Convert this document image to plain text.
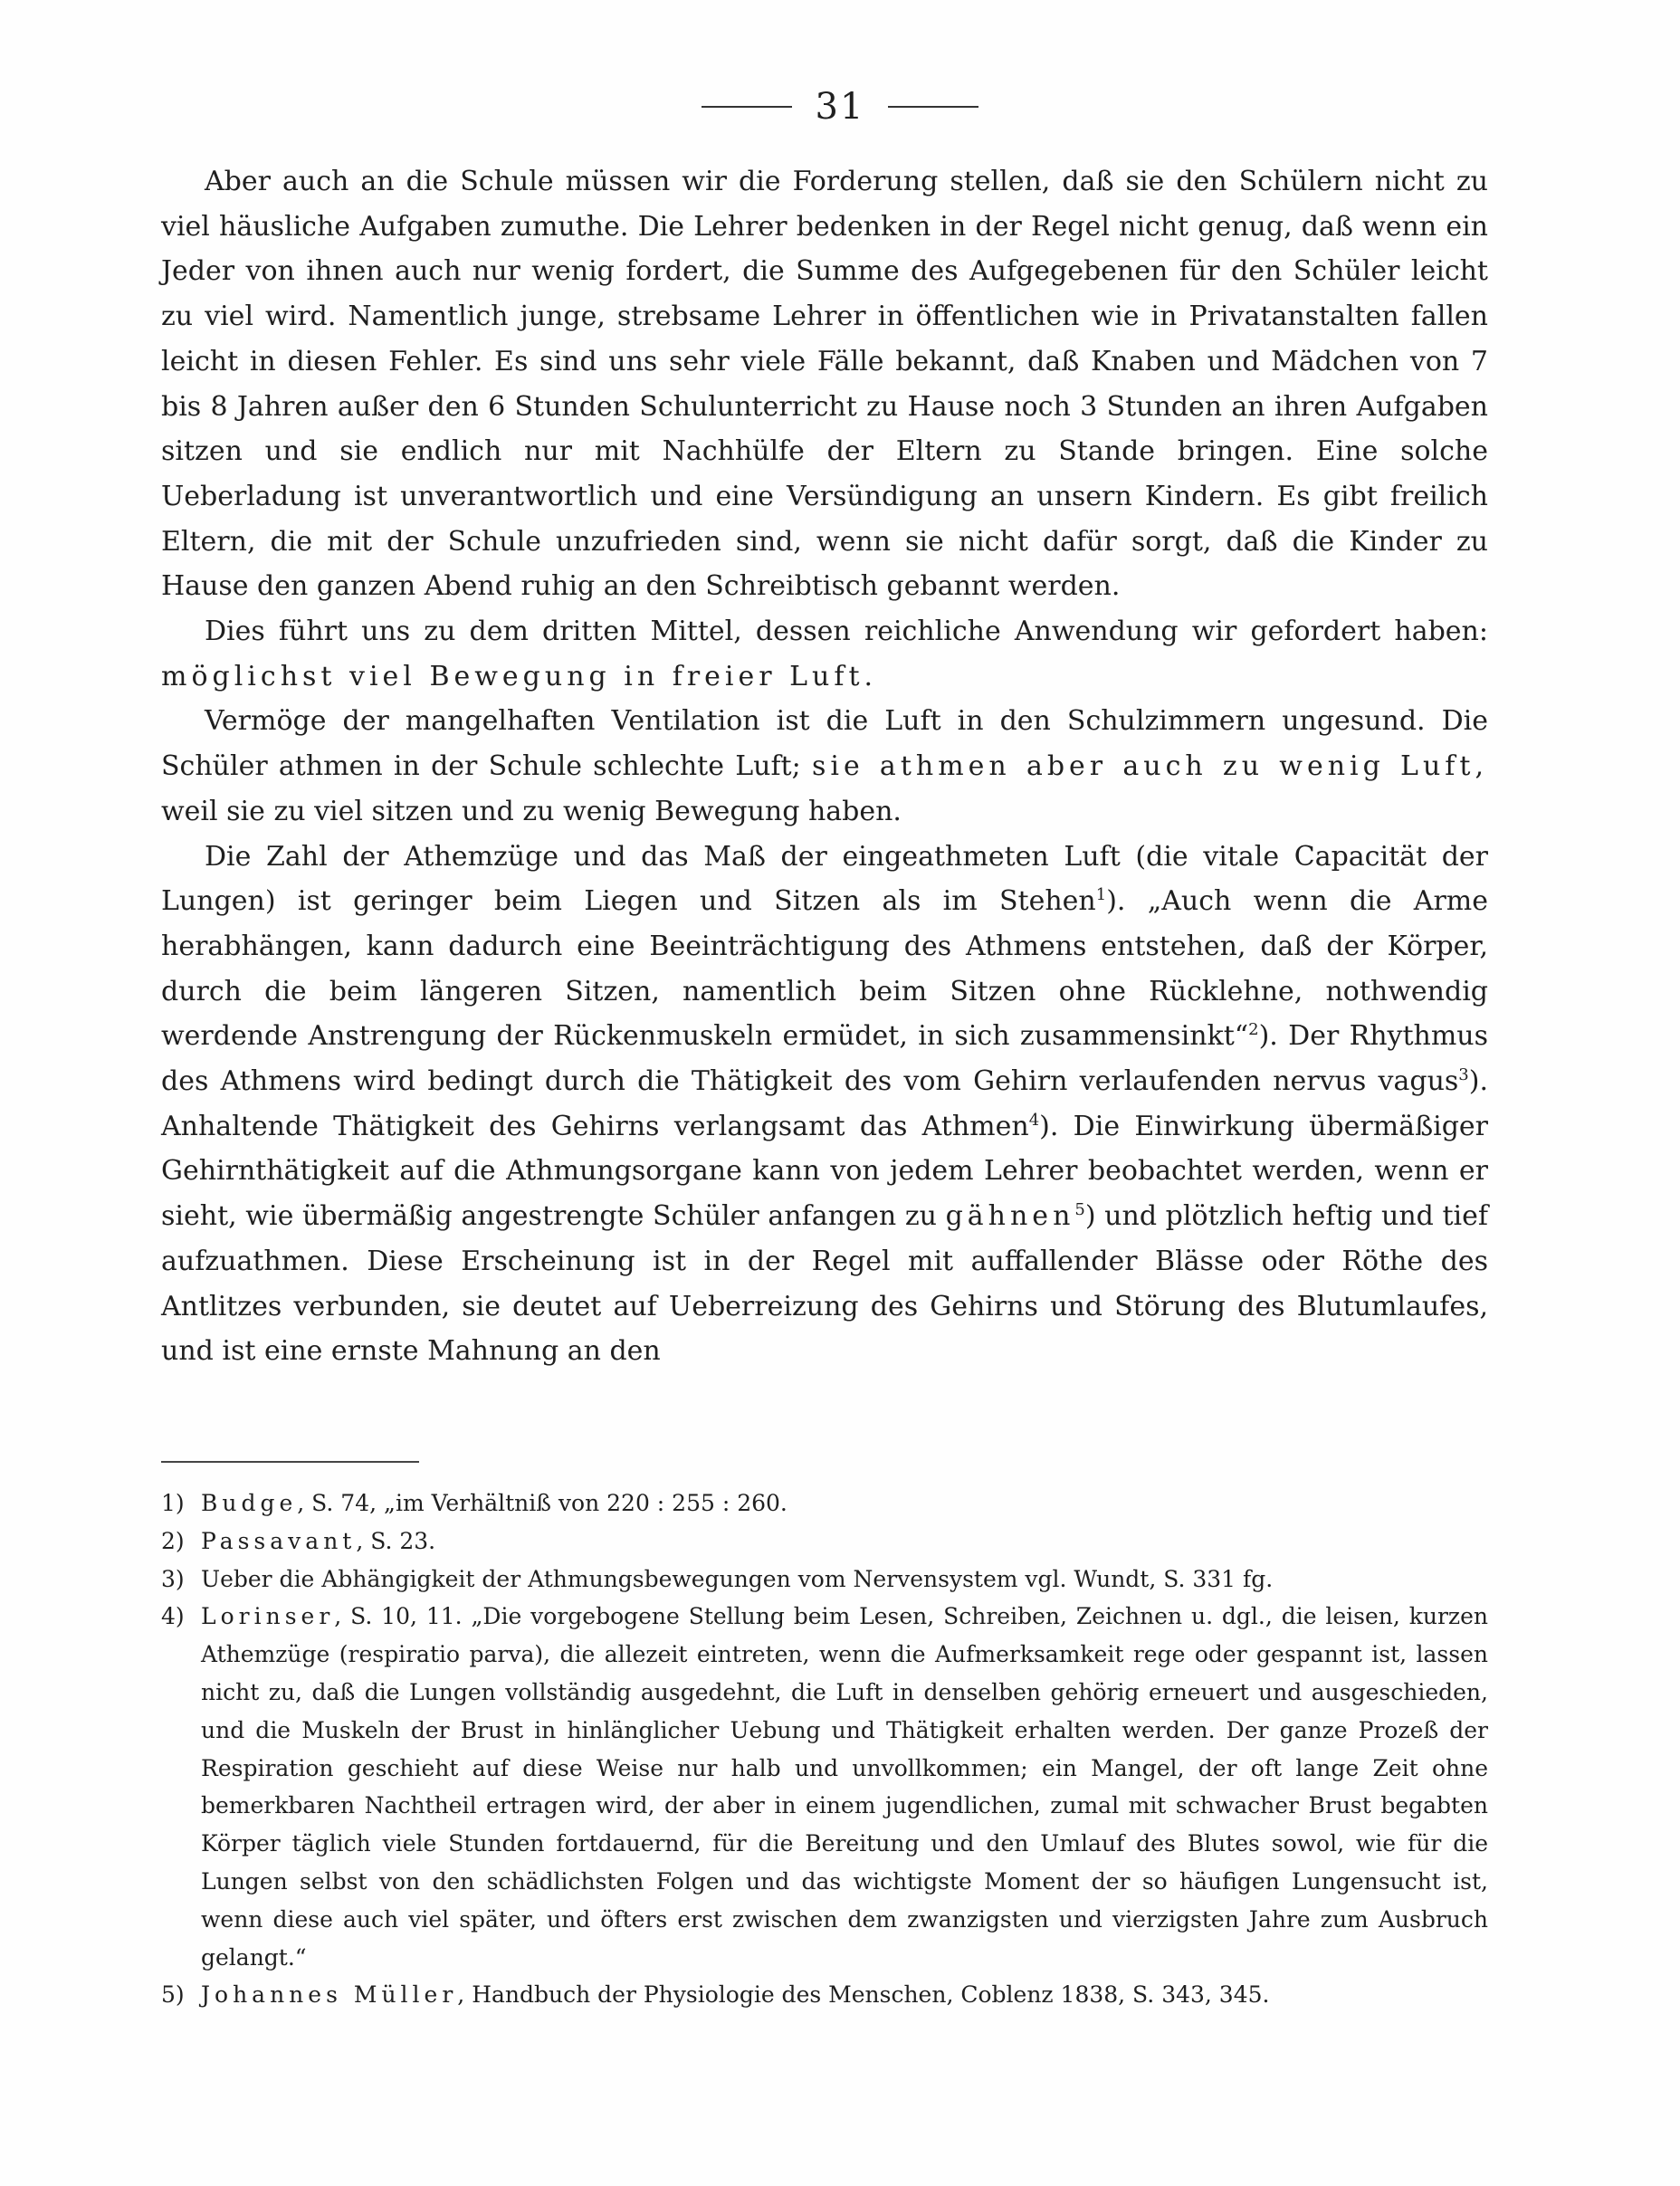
31

Aber auch an die Schule müssen wir die Forderung stellen, daß sie den Schülern nicht zu viel häusliche Aufgaben zumuthe. Die Lehrer bedenken in der Regel nicht genug, daß wenn ein Jeder von ihnen auch nur wenig fordert, die Summe des Aufgegebenen für den Schüler leicht zu viel wird. Namentlich junge, strebsame Lehrer in öffentlichen wie in Privatanstalten fallen leicht in diesen Fehler. Es sind uns sehr viele Fälle bekannt, daß Knaben und Mädchen von 7 bis 8 Jahren außer den 6 Stunden Schulunterricht zu Hause noch 3 Stunden an ihren Aufgaben sitzen und sie endlich nur mit Nachhülfe der Eltern zu Stande bringen. Eine solche Ueberladung ist unverantwortlich und eine Versündigung an unsern Kindern. Es gibt freilich Eltern, die mit der Schule unzufrieden sind, wenn sie nicht dafür sorgt, daß die Kinder zu Hause den ganzen Abend ruhig an den Schreibtisch gebannt werden.

Dies führt uns zu dem dritten Mittel, dessen reichliche Anwendung wir gefordert haben: möglichst viel Bewegung in freier Luft.

Vermöge der mangelhaften Ventilation ist die Luft in den Schulzimmern ungesund. Die Schüler athmen in der Schule schlechte Luft; sie athmen aber auch zu wenig Luft, weil sie zu viel sitzen und zu wenig Bewegung haben.

Die Zahl der Athemzüge und das Maß der eingeathmeten Luft (die vitale Capacität der Lungen) ist geringer beim Liegen und Sitzen als im Stehen$^1$). „Auch wenn die Arme herabhängen, kann dadurch eine Beeinträchtigung des Athmens entstehen, daß der Körper, durch die beim längeren Sitzen, namentlich beim Sitzen ohne Rücklehne, nothwendig werdende Anstrengung der Rückenmuskeln ermüdet, in sich zusammensinkt“$^2$). Der Rhythmus des Athmens wird bedingt durch die Thätigkeit des vom Gehirn verlaufenden nervus vagus$^3$). Anhaltende Thätigkeit des Gehirns verlangsamt das Athmen$^4$). Die Einwirkung übermäßiger Gehirnthätigkeit auf die Athmungsorgane kann von jedem Lehrer beobachtet werden, wenn er sieht, wie übermäßig angestrengte Schüler anfangen zu gähnen$^5$) und plötzlich heftig und tief aufzuathmen. Diese Erscheinung ist in der Regel mit auffallender Blässe oder Röthe des Antlitzes verbunden, sie deutet auf Ueberreizung des Gehirns und Störung des Blutumlaufes, und ist eine ernste Mahnung an den

1) Budge, S. 74, „im Verhältniß von 220 : 255 : 260.

2) Passavant, S. 23.

3) Ueber die Abhängigkeit der Athmungsbewegungen vom Nervensystem vgl. Wundt, S. 331 fg.

4) Lorinser, S. 10, 11. „Die vorgebogene Stellung beim Lesen, Schreiben, Zeichnen u. dgl., die leisen, kurzen Athemzüge (respiratio parva), die allezeit eintreten, wenn die Aufmerksamkeit rege oder gespannt ist, lassen nicht zu, daß die Lungen vollständig ausgedehnt, die Luft in denselben gehörig erneuert und ausgeschieden, und die Muskeln der Brust in hinlänglicher Uebung und Thätigkeit erhalten werden. Der ganze Prozeß der Respiration geschieht auf diese Weise nur halb und unvollkommen; ein Mangel, der oft lange Zeit ohne bemerkbaren Nachtheil ertragen wird, der aber in einem jugendlichen, zumal mit schwacher Brust begabten Körper täglich viele Stunden fortdauernd, für die Bereitung und den Umlauf des Blutes sowol, wie für die Lungen selbst von den schädlichsten Folgen und das wichtigste Moment der so häufigen Lungensucht ist, wenn diese auch viel später, und öfters erst zwischen dem zwanzigsten und vierzigsten Jahre zum Ausbruch gelangt.“

5) Johannes Müller, Handbuch der Physiologie des Menschen, Coblenz 1838, S. 343, 345.
